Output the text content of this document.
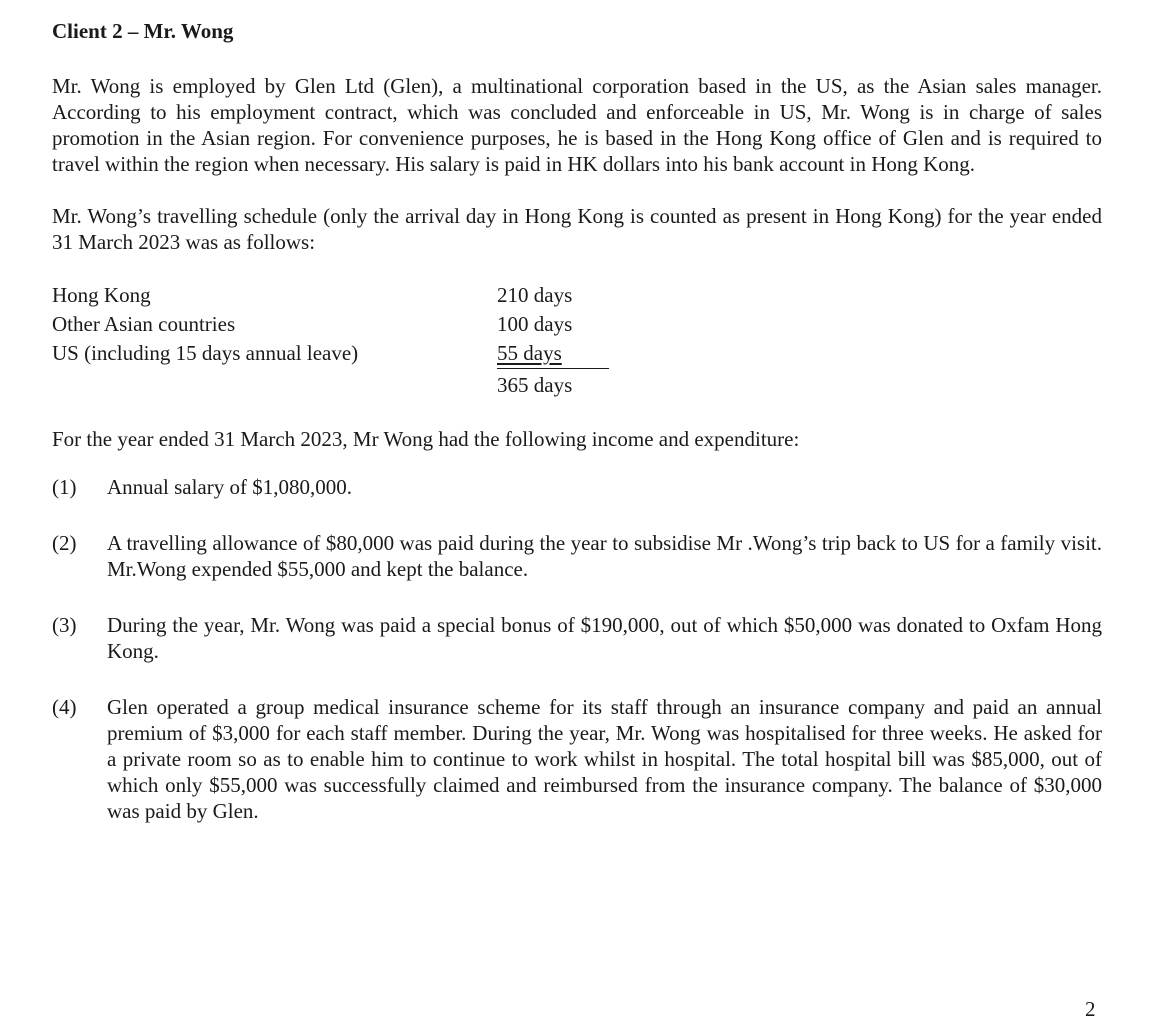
Client 2 – Mr. Wong
Mr. Wong is employed by Glen Ltd (Glen), a multinational corporation based in the US, as the Asian sales manager. According to his employment contract, which was concluded and enforceable in US, Mr. Wong is in charge of sales promotion in the Asian region. For convenience purposes, he is based in the Hong Kong office of Glen and is required to travel within the region when necessary. His salary is paid in HK dollars into his bank account in Hong Kong.
Mr. Wong’s travelling schedule (only the arrival day in Hong Kong is counted as present in Hong Kong) for the year ended 31 March 2023 was as follows:
Hong Kong	210 days
Other Asian countries	100 days
US (including 15 days annual leave)	55 days
365 days
For the year ended 31 March 2023, Mr Wong had the following income and expenditure:
(1)	Annual salary of $1,080,000.
(2)	A travelling allowance of $80,000 was paid during the year to subsidise Mr .Wong’s trip back to US for a family visit. Mr.Wong expended $55,000 and kept the balance.
(3)	During the year, Mr. Wong was paid a special bonus of $190,000, out of which $50,000 was donated to Oxfam Hong Kong.
(4)	Glen operated a group medical insurance scheme for its staff through an insurance company and paid an annual premium of $3,000 for each staff member. During the year, Mr. Wong was hospitalised for three weeks. He asked for a private room so as to enable him to continue to work whilst in hospital. The total hospital bill was $85,000, out of which only $55,000 was successfully claimed and reimbursed from the insurance company. The balance of $30,000 was paid by Glen.
2
